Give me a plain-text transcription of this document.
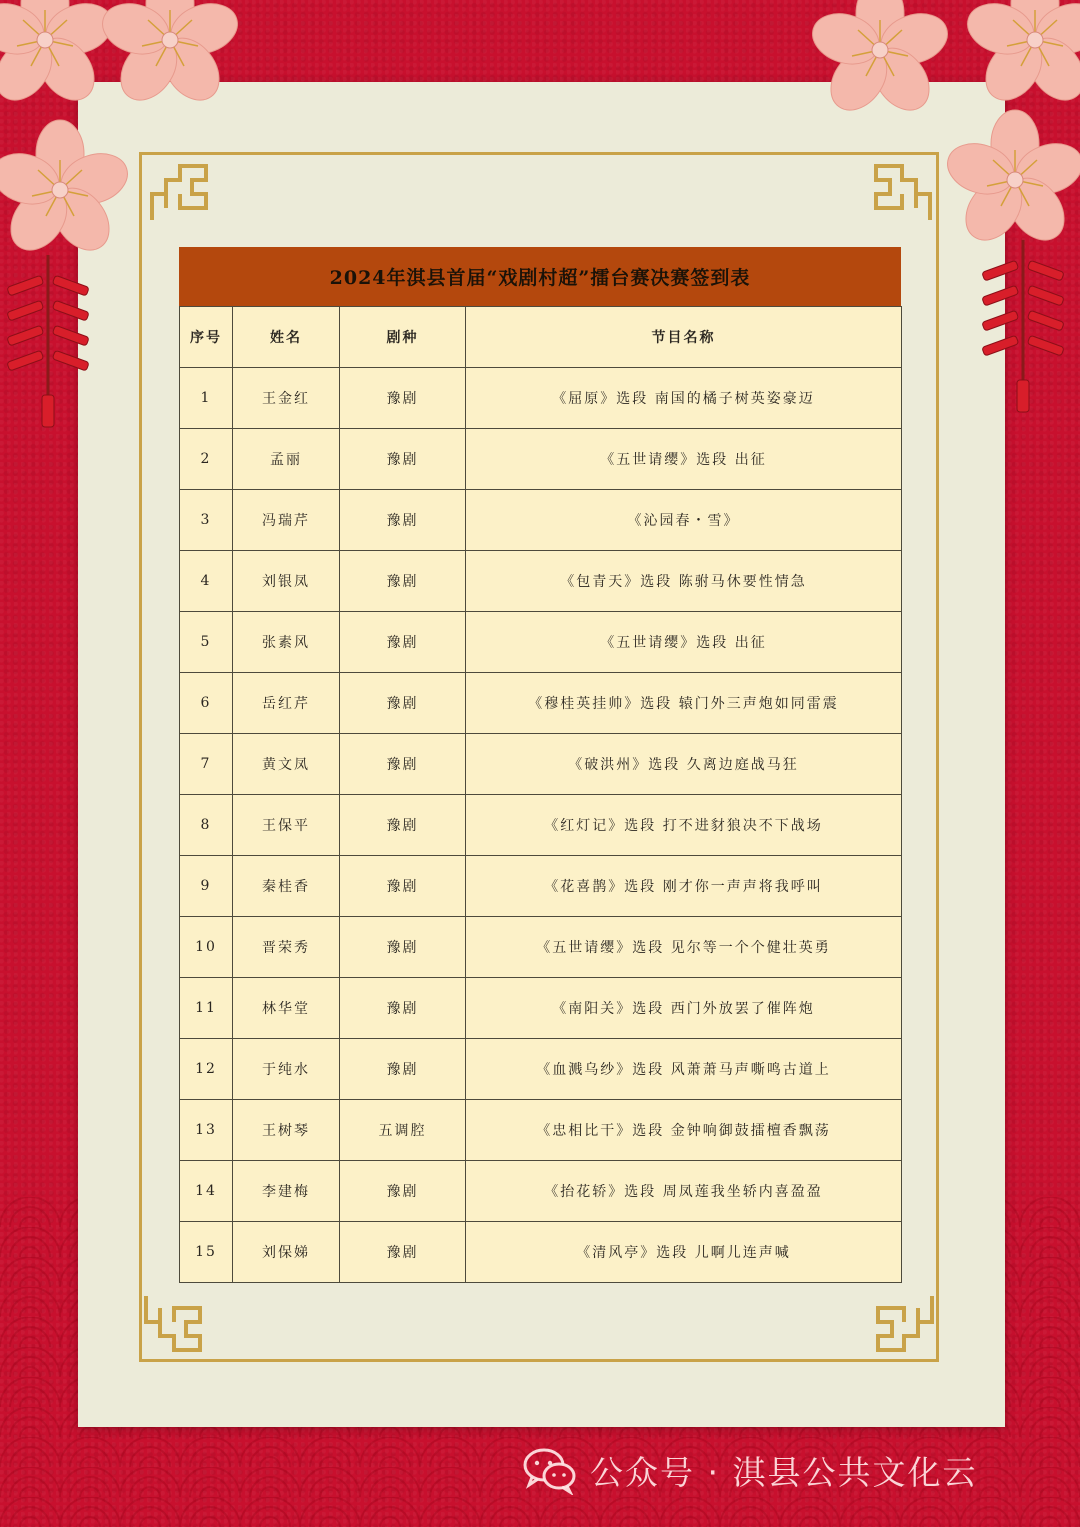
2024年淇县首届“戏剧村超”擂台赛决赛签到表
序号	姓名	剧种	节目名称
1	王金红	豫剧	《屈原》选段 南国的橘子树英姿豪迈
2	孟丽	豫剧	《五世请缨》选段 出征
3	冯瑞芹	豫剧	《沁园春・雪》
4	刘银凤	豫剧	《包青天》选段 陈驸马休要性情急
5	张素风	豫剧	《五世请缨》选段 出征
6	岳红芹	豫剧	《穆桂英挂帅》选段 辕门外三声炮如同雷震
7	黄文凤	豫剧	《破洪州》选段 久离边庭战马狂
8	王保平	豫剧	《红灯记》选段 打不进豺狼决不下战场
9	秦桂香	豫剧	《花喜鹊》选段 刚才你一声声将我呼叫
10	晋荣秀	豫剧	《五世请缨》选段 见尔等一个个健壮英勇
11	林华堂	豫剧	《南阳关》选段 西门外放罢了催阵炮
12	于纯水	豫剧	《血溅乌纱》选段 风萧萧马声嘶鸣古道上
13	王树琴	五调腔	《忠相比干》选段 金钟响御鼓擂檀香飘荡
14	李建梅	豫剧	《抬花轿》选段 周凤莲我坐轿内喜盈盈
15	刘保娣	豫剧	《清风亭》选段 儿啊儿连声喊
公众号 · 淇县公共文化云
